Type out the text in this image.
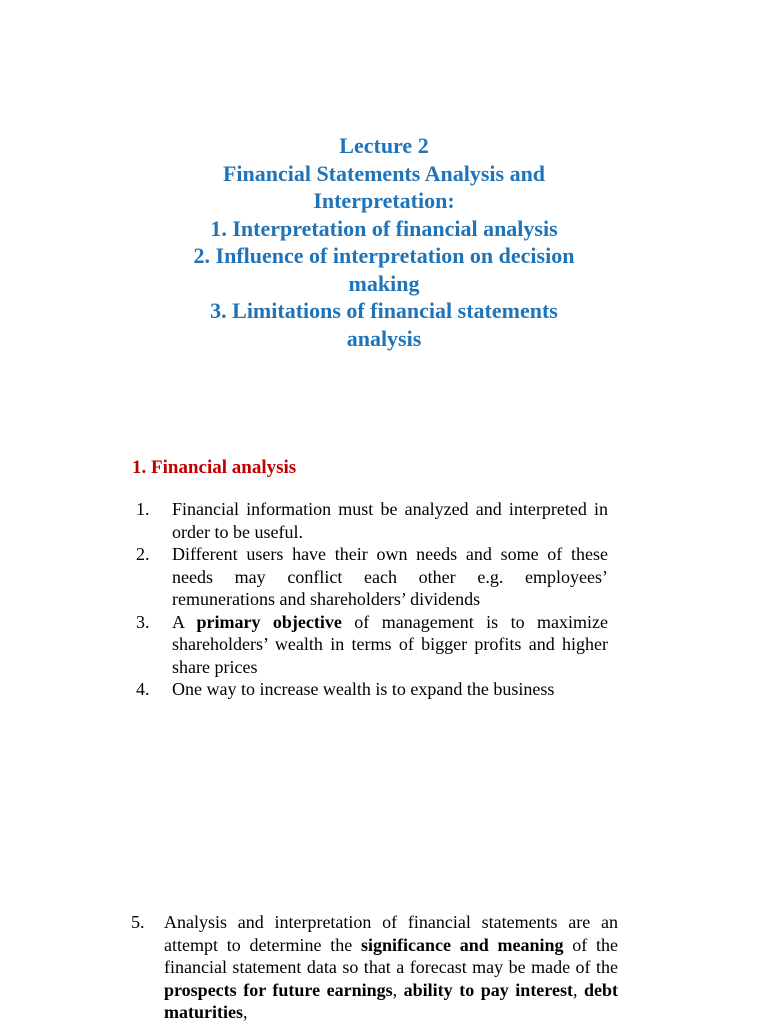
Lecture 2
Financial Statements Analysis and
Interpretation:
1. Interpretation of financial analysis
2. Influence of interpretation on decision
making
3. Limitations of financial statements
analysis
1. Financial analysis
1.	Financial information must be analyzed and interpreted in order to be useful.
2.	Different users have their own needs and some of these needs may conflict each other e.g. employees’ remunerations and shareholders’ dividends
3.	A primary objective of management is to maximize shareholders’ wealth in terms of bigger profits and higher share prices
4.	One way to increase wealth is to expand the business
5.	Analysis and interpretation of financial statements are an attempt to determine the significance and meaning of the financial statement data so that a forecast may be made of the prospects for future earnings, ability to pay interest, debt maturities,
